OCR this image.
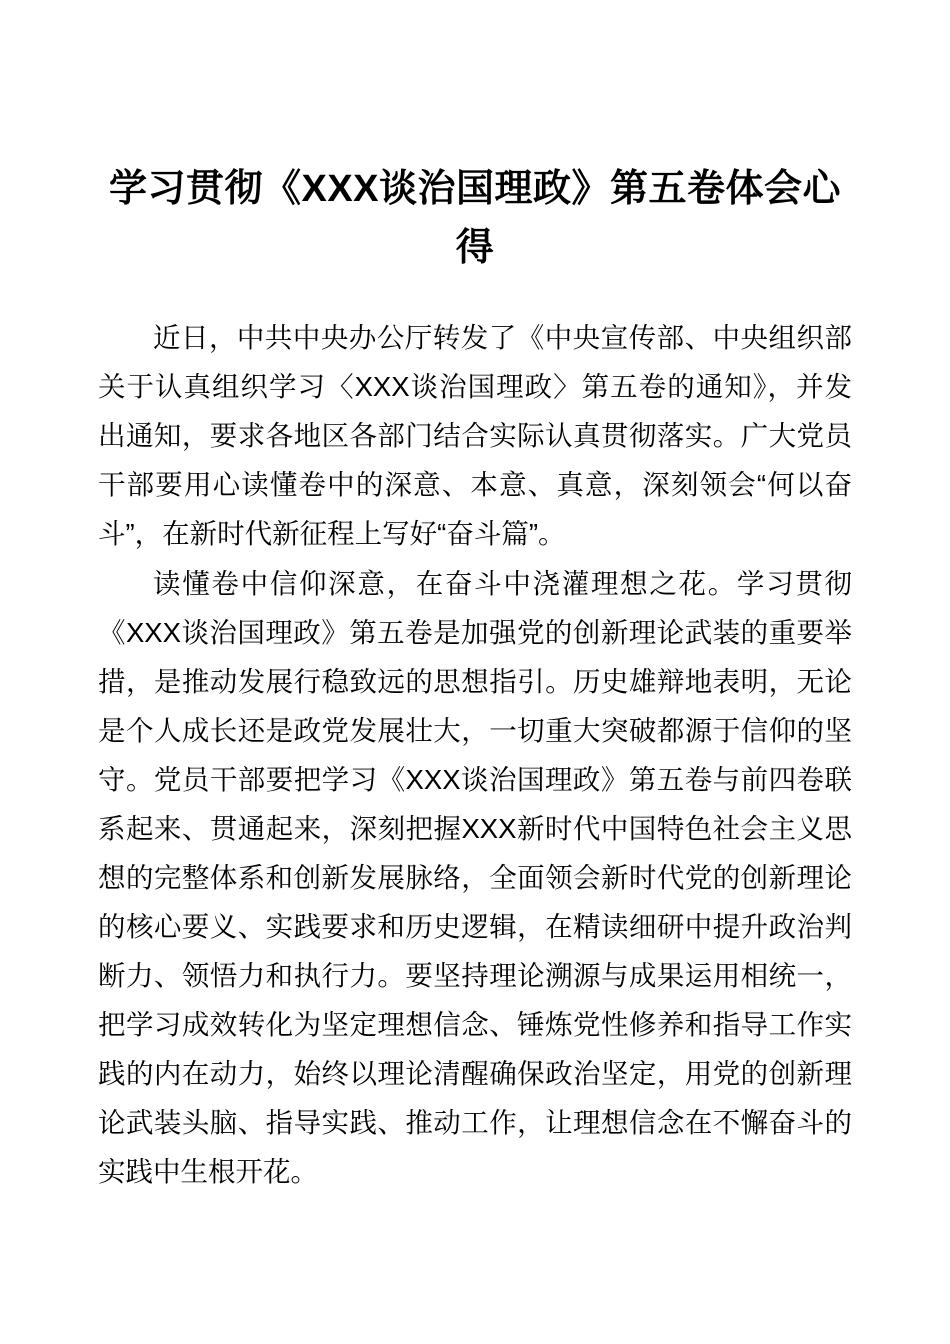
学习贯彻《XXX谈治国理政》第五卷体会心得

近日，中共中央办公厅转发了《中央宣传部、中央组织部关于认真组织学习〈XXX谈治国理政〉第五卷的通知》，并发出通知，要求各地区各部门结合实际认真贯彻落实。广大党员干部要用心读懂卷中的深意、本意、真意，深刻领会“何以奋斗”，在新时代新征程上写好“奋斗篇”。

读懂卷中信仰深意，在奋斗中浇灌理想之花。学习贯彻《XXX谈治国理政》第五卷是加强党的创新理论武装的重要举措，是推动发展行稳致远的思想指引。历史雄辩地表明，无论是个人成长还是政党发展壮大，一切重大突破都源于信仰的坚守。党员干部要把学习《XXX谈治国理政》第五卷与前四卷联系起来、贯通起来，深刻把握XXX新时代中国特色社会主义思想的完整体系和创新发展脉络，全面领会新时代党的创新理论的核心要义、实践要求和历史逻辑，在精读细研中提升政治判断力、领悟力和执行力。要坚持理论溯源与成果运用相统一，把学习成效转化为坚定理想信念、锤炼党性修养和指导工作实践的内在动力，始终以理论清醒确保政治坚定，用党的创新理论武装头脑、指导实践、推动工作，让理想信念在不懈奋斗的实践中生根开花。
